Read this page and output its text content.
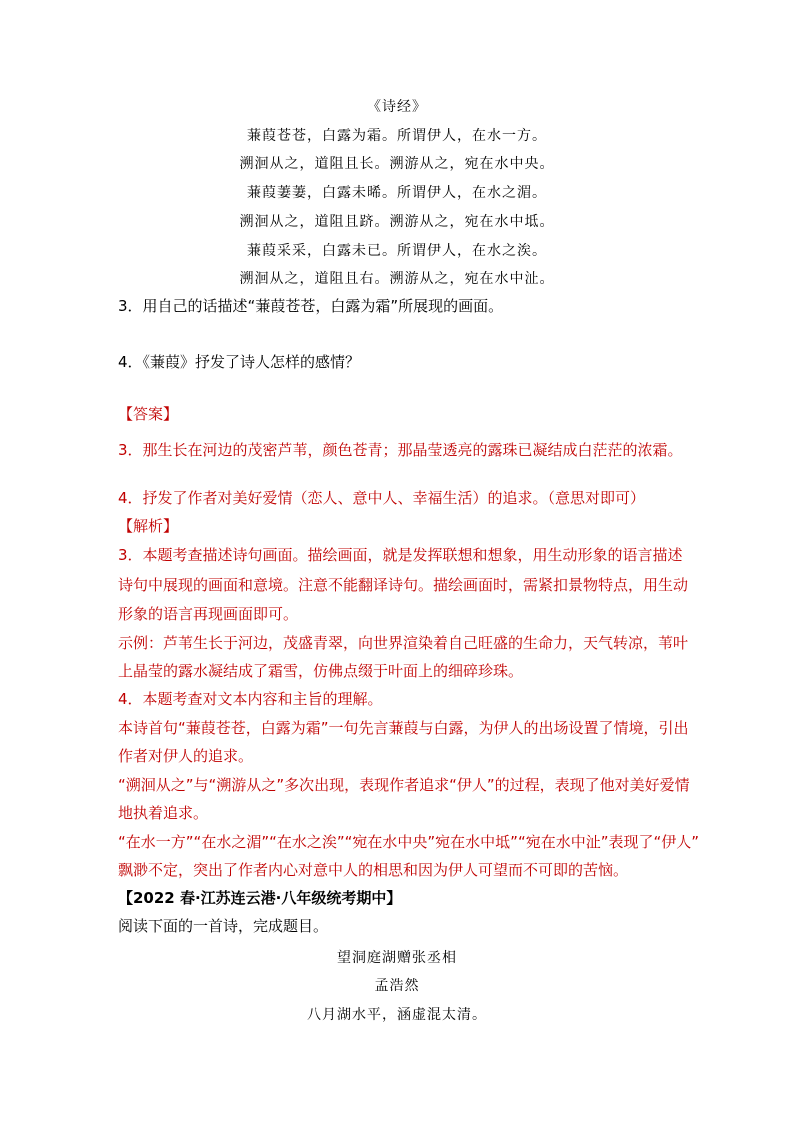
《诗经》
蒹葭苍苍，白露为霜。所谓伊人，在水一方。
溯洄从之，道阻且长。溯游从之，宛在水中央。
蒹葭萋萋，白露未晞。所谓伊人，在水之湄。
溯洄从之，道阻且跻。溯游从之，宛在水中坻。
蒹葭采采，白露未已。所谓伊人，在水之涘。
溯洄从之，道阻且右。溯游从之，宛在水中沚。
3．用自己的话描述“蒹葭苍苍，白露为霜”所展现的画面。
4．《蒹葭》抒发了诗人怎样的感情？
【答案】
3．那生长在河边的茂密芦苇，颜色苍青；那晶莹透亮的露珠已凝结成白茫茫的浓霜。
4．抒发了作者对美好爱情（恋人、意中人、幸福生活）的追求。（意思对即可）
【解析】
3．本题考查描述诗句画面。描绘画面，就是发挥联想和想象，用生动形象的语言描述
诗句中展现的画面和意境。注意不能翻译诗句。描绘画面时，需紧扣景物特点，用生动
形象的语言再现画面即可。
示例：芦苇生长于河边，茂盛青翠，向世界渲染着自己旺盛的生命力，天气转凉，苇叶
上晶莹的露水凝结成了霜雪，仿佛点缀于叶面上的细碎珍珠。
4．本题考查对文本内容和主旨的理解。
本诗首句“蒹葭苍苍，白露为霜”一句先言蒹葭与白露，为伊人的出场设置了情境，引出
作者对伊人的追求。
“溯洄从之”与“溯游从之”多次出现，表现作者追求“伊人”的过程，表现了他对美好爱情
地执着追求。
“在水一方”“在水之湄”“在水之涘”“宛在水中央”宛在水中坻”“宛在水中沚”表现了“伊人”
飘渺不定，突出了作者内心对意中人的相思和因为伊人可望而不可即的苦恼。
【2022 春·江苏连云港·八年级统考期中】
阅读下面的一首诗，完成题目。
望洞庭湖赠张丞相
孟浩然
八月湖水平，涵虚混太清。
